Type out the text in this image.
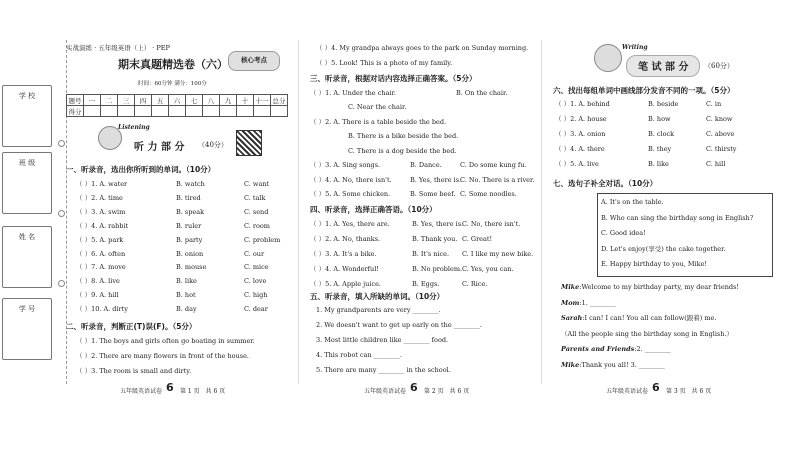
学 校
班 级
姓 名
学 号
实战演练 · 五年级英语（上） · PEP
期末真题精选卷（六）	核心考点
时间：60分钟 满分：100分
题号	一	二	三	四	五	六	七	八	九	十	十一	总分
得分												
Listening
听 力 部 分 （40分）
一、听录音，选出你所听到的单词。（10分）
二、听录音，判断正(T)误(F)。（5分）
三、听录音，根据对话内容选择正确答案。（5分）
（ ）1. A. Under the chair.	B. On the chair.
C. Near the chair.
（ ）2. A. There is a table beside the bed.
B. There is a bike beside the bed.
C. There is a dog beside the bed.
四、听录音，选择正确答语。（10分）
五、听录音，填入所缺的单词。（10分）
Writing
笔 试 部 分 （60分）
六、找出每组单词中画线部分发音不同的一项。（5分）
七、选句子补全对话。（10分）
（ ）1. A. water	B. watch	C. want
（ ）2. A. time	B. tired	C. talk
（ ）3. A. swim	B. speak	C. send
（ ）4. A. rabbit	B. ruler	C. room
（ ）5. A. park	B. party	C. problem
（ ）6. A. often	B. onion	C. our
（ ）7. A. move	B. mouse	C. mice
（ ）8. A. live	B. like	C. love
（ ）9. A. hill	B. hot	C. high
（ ）10. A. dirty	B. day	C. dear
（ ）1. The boys and girls often go boating in summer.
（ ）2. There are many flowers in front of the house.
（ ）3. The room is small and dirty.
（ ）4. My grandpa always goes to the park on Sunday morning.
（ ）5. Look! This is a photo of my family.
（ ）3. A. Sing songs.	B. Dance.	C. Do some kung fu.
（ ）4. A. No, there isn't.	B. Yes, there is.
C. No. There is a river.
（ ）5. A. Some chicken.	B. Some beef. C. Some noodles.
（ ）1. A. Yes, there are.	B. Yes, there is.
C. No, there isn't.
（ ）2. A. No, thanks.	B. Thank you. C. Great!
（ ）3. A. It's a bike.	B. It's nice. C. I like my new bike.
（ ）4. A. Wonderful!	B. No problem. C. Yes, you can.
（ ）5. A. Apple juice.	B. Eggs.	C. Rice.
1. My grandparents are very ________.
2. We doesn't want to get up early on the ________.
3. Most little children like ________ food.
4. This robot can ________.
5. There are many ________ in the school.
（ ）1. A. behind	B. beside	C. in
（ ）2. A. house	B. how	C. know
（ ）3. A. onion	B. clock	C. above
（ ）4. A. there	B. they	C. thirsty
（ ）5. A. live	B. like	C. hill
A. It's on the table.
B. Who can sing the birthday song in English?
C. Good idea!
D. Let's enjoy(享受) the cake together.
E. Happy birthday to you, Mike!
Mike :Welcome to my birthday party, my dear friends!
Mom :1. ________
Sarah :I can! I can! You all can follow(跟着) me.
（All the people sing the birthday song in English.）
Parents and Friends :2. ________
Mike :Thank you all! 3. ________
五年级英语试卷 6 第 1 页　共 6 页	五年级英语试卷 6 第 2 页　共 6 页	五年级英语试卷 6 第 3 页　共 6 页
